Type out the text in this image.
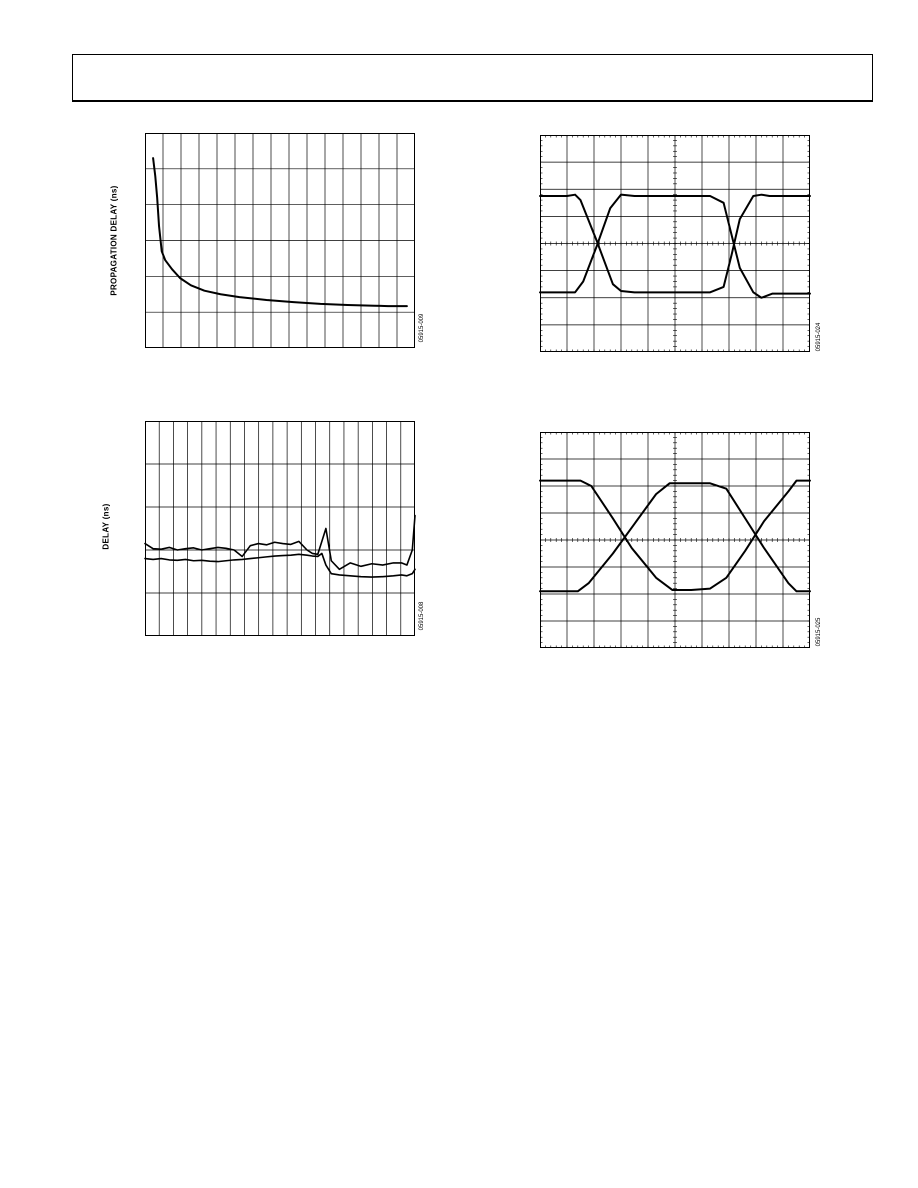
PROPAGATION DELAY (ns)
05915-009
DELAY (ns)
05915-008
05915-024
05915-025
